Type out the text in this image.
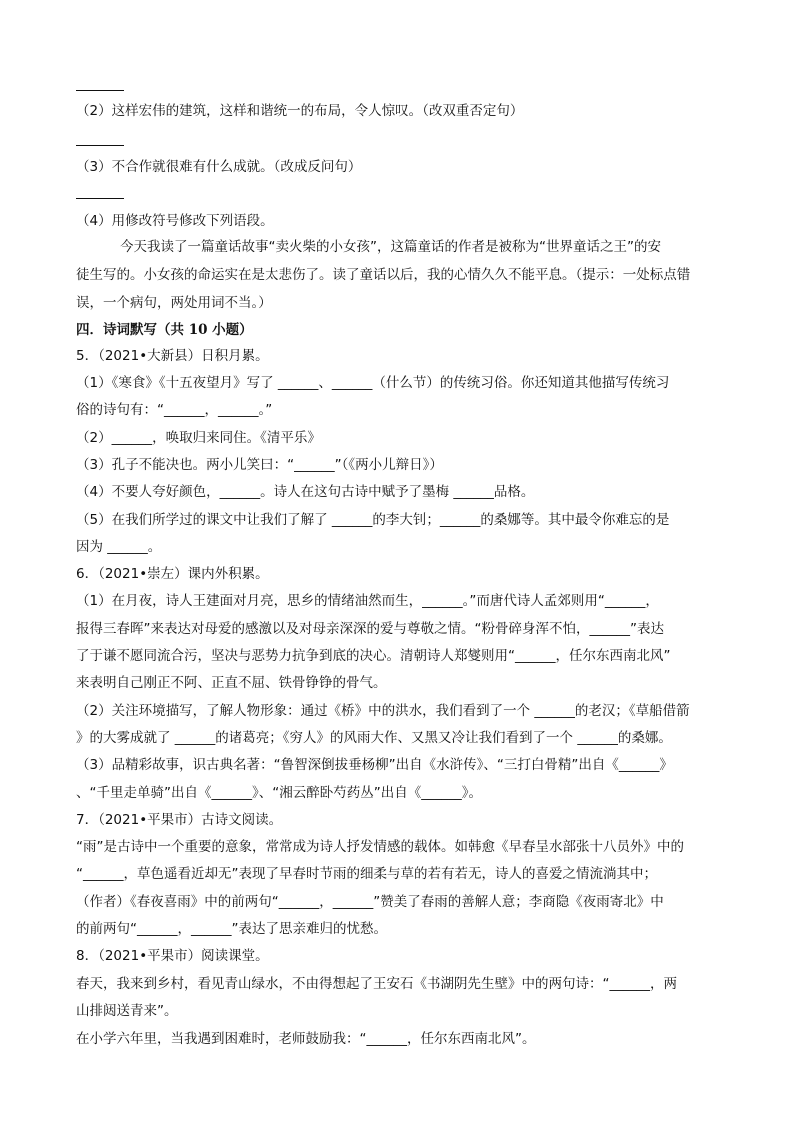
（2）这样宏伟的建筑，这样和谐统一的布局，令人惊叹。（改双重否定句）
（3）不合作就很难有什么成就。（改成反问句）
（4）用修改符号修改下列语段。
今天我读了一篇童话故事“卖火柴的小女孩”，这篇童话的作者是被称为“世界童话之王”的安
徒生写的。小女孩的命运实在是太悲伤了。读了童话以后，我的心情久久不能平息。（提示：一处标点错
误，一个病句，两处用词不当。）
四．诗词默写（共 10 小题）
5．（2021•大新县）日积月累。
（1）《寒食》《十五夜望月》写了 ______、______（什么节）的传统习俗。你还知道其他描写传统习
俗的诗句有：“______，______。”
（2）______，唤取归来同住。《清平乐》
（3）孔子不能决也。两小儿笑曰：“______”（《两小儿辩日》）
（4）不要人夸好颜色，______。诗人在这句古诗中赋予了墨梅 ______品格。
（5）在我们所学过的课文中让我们了解了 ______的李大钊；______的桑娜等。其中最令你难忘的是
因为 ______。
6．（2021•崇左）课内外积累。
（1）在月夜，诗人王建面对月亮，思乡的情绪油然而生，______。”而唐代诗人孟郊则用“______，
报得三春晖”来表达对母爱的感激以及对母亲深深的爱与尊敬之情。“粉骨碎身浑不怕，______”表达
了于谦不愿同流合污，坚决与恶势力抗争到底的决心。清朝诗人郑燮则用“______，任尔东西南北风”
来表明自己刚正不阿、正直不屈、铁骨铮铮的骨气。
（2）关注环境描写，了解人物形象：通过《桥》中的洪水，我们看到了一个 ______的老汉；《草船借箭
》的大雾成就了 ______的诸葛亮；《穷人》的风雨大作、又黑又冷让我们看到了一个 ______的桑娜。
（3）品精彩故事，识古典名著：“鲁智深倒拔垂杨柳”出自《水浒传》、“三打白骨精”出自《______》
、“千里走单骑”出自《______》、“湘云醉卧芍药丛”出自《______》。
7．（2021•平果市）古诗文阅读。
“雨”是古诗中一个重要的意象，常常成为诗人抒发情感的载体。如韩愈《早春呈水部张十八员外》中的
“______，草色遥看近却无”表现了早春时节雨的细柔与草的若有若无，诗人的喜爱之情流淌其中；
（作者）《春夜喜雨》中的前两句“______，______”赞美了春雨的善解人意；李商隐《夜雨寄北》中
的前两句“______，______”表达了思亲难归的忧愁。
8．（2021•平果市）阅读课堂。
春天，我来到乡村，看见青山绿水，不由得想起了王安石《书湖阴先生壁》中的两句诗：“______，两
山排闼送青来”。
在小学六年里，当我遇到困难时，老师鼓励我：“______，任尔东西南北风”。
